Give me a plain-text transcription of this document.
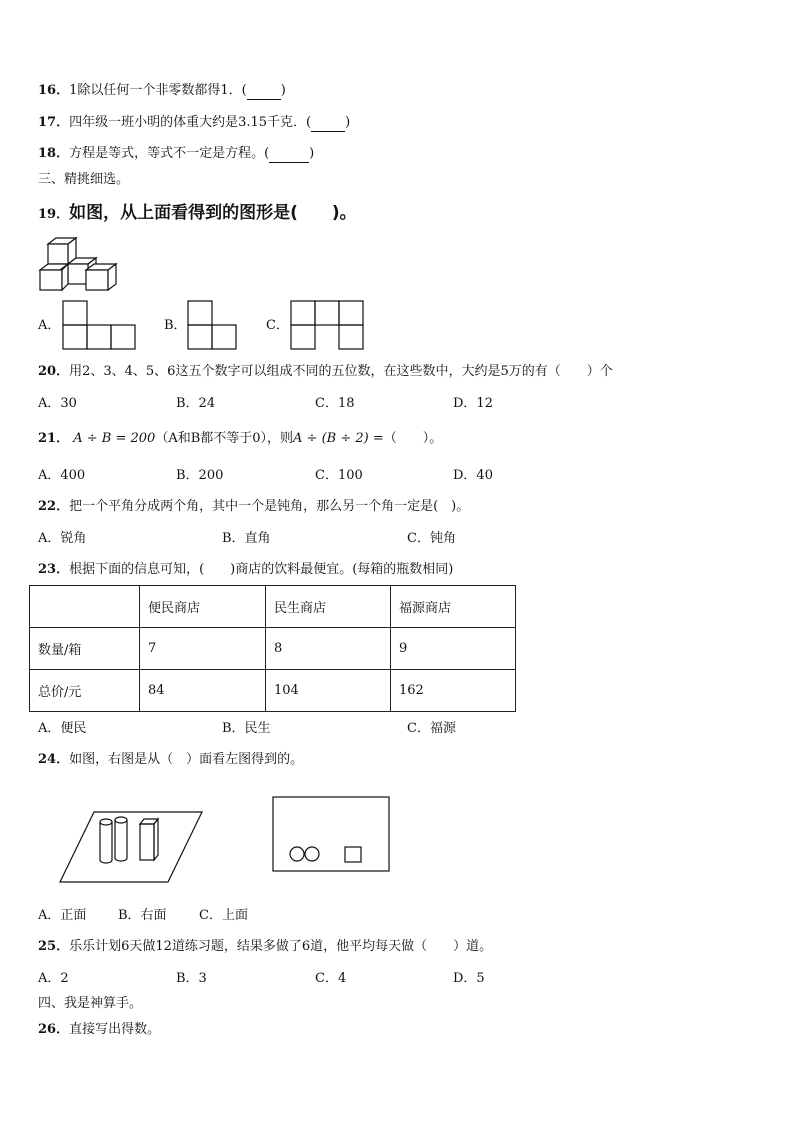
16．1除以任何一个非零数都得1．(	)
17．四年级一班小明的体重大约是3.15千克．(	)
18．方程是等式，等式不一定是方程。(	)
三、精挑细选。
19．如图，从上面看得到的图形是(　　)。
A．	B．	C．
20．用2、3、4、5、6这五个数字可以组成不同的五位数，在这些数中，大约是5万的有（　　）个
A．30	B．24	C．18	D．12
21． A ÷ B = 200（A和B都不等于0），则A ÷ (B ÷ 2) =（　　）。
A．400	B．200	C．100	D．40
22．把一个平角分成两个角，其中一个是钝角，那么另一个角一定是(　)。
A．锐角	B．直角	C．钝角
23．根据下面的信息可知，(　　)商店的饮料最便宜。(每箱的瓶数相同)
	便民商店	民生商店	福源商店
数量/箱	7	8	9
总价/元	84	104	162
A．便民	B．民生	C．福源
24．如图，右图是从（　）面看左图得到的。
A．正面 B．右面 C．上面
25．乐乐计划6天做12道练习题，结果多做了6道，他平均每天做（　　）道。
A．2	B．3	C．4	D．5
四、我是神算手。
26．直接写出得数。
